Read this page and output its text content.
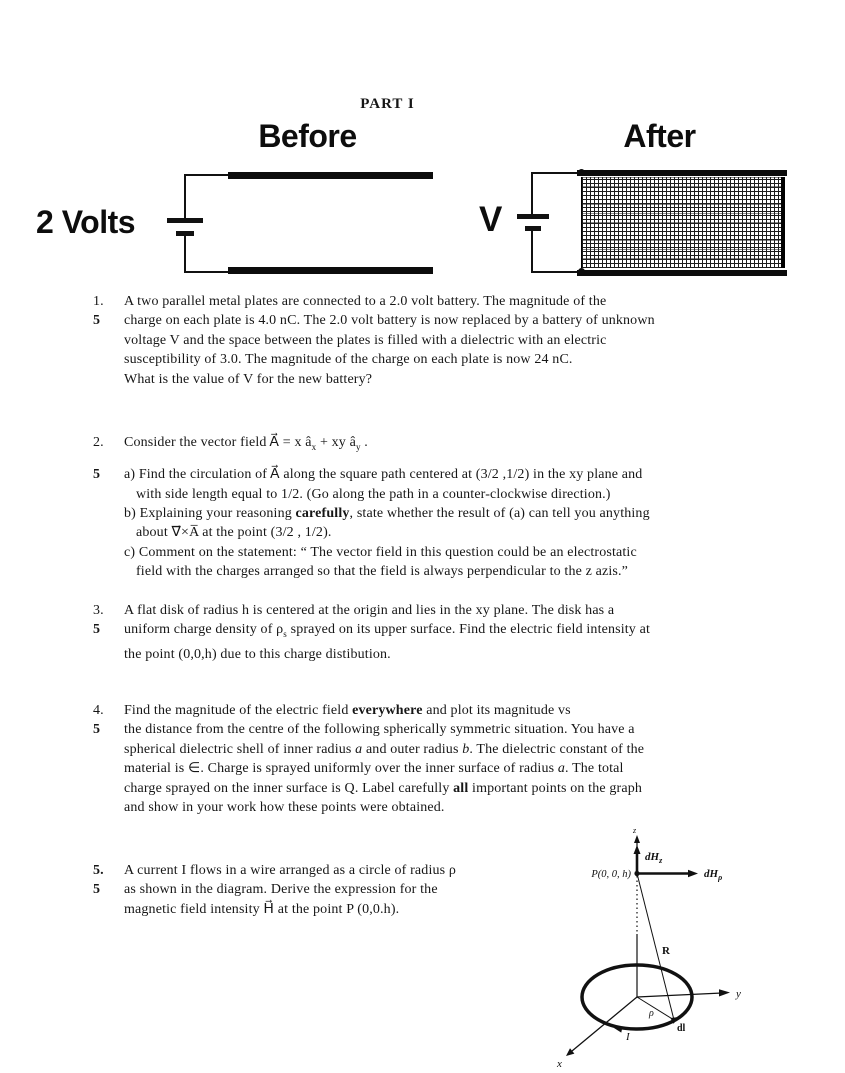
PART I
Before	After
2 Volts	V
1.	A two parallel metal plates are connected to a 2.0 volt battery. The magnitude of the
5	charge on each plate is 4.0 nC. The 2.0 volt battery is now replaced by a battery of unknown
voltage V and the space between the plates is filled with a dielectric with an electric
susceptibility of 3.0. The magnitude of the charge on each plate is now 24 nC.
What is the value of V for the new battery?
2.	Consider the vector field A⃗ = x $â_x$ + xy $â_y$ .
5	a) Find the circulation of A⃗ along the square path centered at (3/2 ,1/2) in the xy plane and
with side length equal to 1/2. (Go along the path in a counter-clockwise direction.)
b) Explaining your reasoning carefully, state whether the result of (a) can tell you anything
about ∇⃗×A̅ at the point (3/2 , 1/2).
c) Comment on the statement: “ The vector field in this question could be an electrostatic
field with the charges arranged so that the field is always perpendicular to the z azis.”
3.	A flat disk of radius h is centered at the origin and lies in the xy plane. The disk has a
5	uniform charge density of $\rho_s$ sprayed on its upper surface. Find the electric field intensity at
the point (0,0,h) due to this charge distibution.
4.	Find the magnitude of the electric field everywhere and plot its magnitude vs
5	the distance from the centre of the following spherically symmetric situation. You have a
spherical dielectric shell of inner radius a and outer radius b. The dielectric constant of the
material is ∈. Charge is sprayed uniformly over the inner surface of radius a. The total
charge sprayed on the inner surface is Q. Label carefully all important points on the graph
and show in your work how these points were obtained.
5.	A current I flows in a wire arranged as a circle of radius ρ
5	as shown in the diagram. Derive the expression for the
magnetic field intensity H⃗ at the point P (0,0.h).
z
$dH_z$
$dH_\rho$
P(0, 0, h)
R
y
x
ρ
dl
I
